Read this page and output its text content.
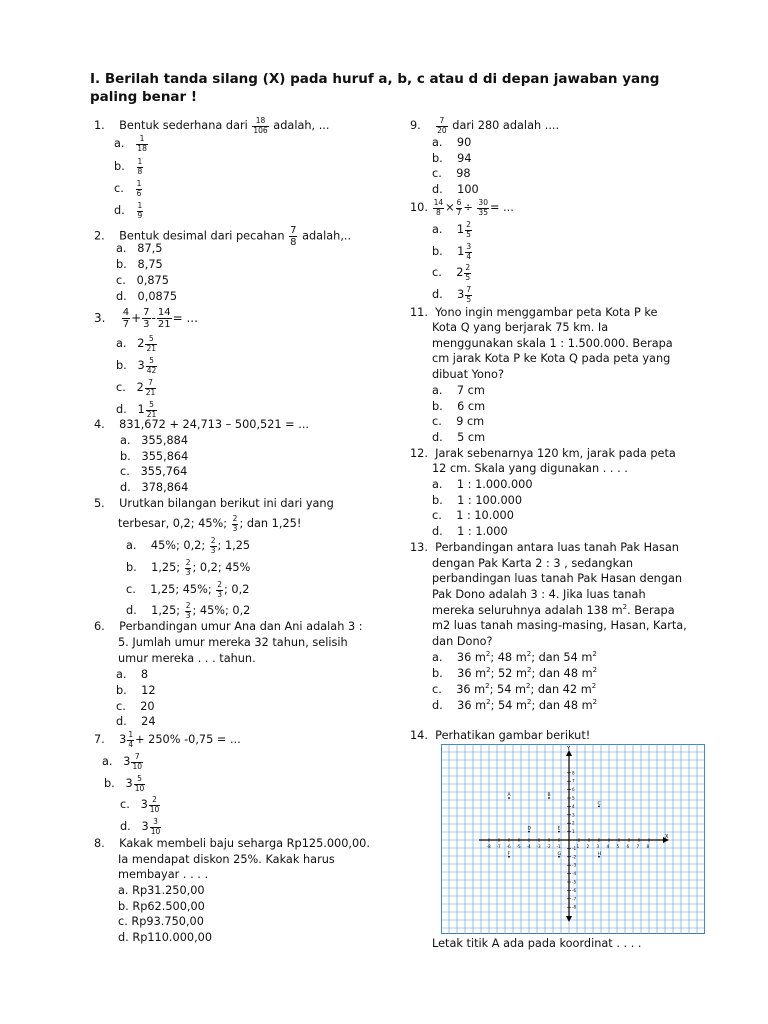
I. Berilah tanda silang (X) pada huruf a, b, c atau d di depan jawaban yang paling benar !
1. Bentuk sederhana dari $\frac{18}{106}$ adalah, ...
a. $\frac{1}{18}$
b. $\frac{1}{8}$
c. $\frac{1}{6}$
d. $\frac{1}{9}$
2. Bentuk desimal dari pecahan $\frac{7}{8}$ adalah,..
a. 87,5
b. 8,75
c. 0,875
d. 0,0875
3. $\frac{4}{7} + \frac{7}{3} - \frac{14}{21}$ = ...
a. $2 \frac{5}{21}$
b. $3 \frac{5}{42}$
c. $2 \frac{7}{21}$
d. $1 \frac{5}{21}$
4. 831,672 + 24,713 – 500,521 = ...
a. 355,884
b. 355,864
c. 355,764
d. 378,864
5. Urutkan bilangan berikut ini dari yang
terbesar, 0,2; 45%; $\frac{2}{3}$ ; dan 1,25!
a. 45%; 0,2; $\frac{2}{3}$ ; 1,25
b. 1,25; $\frac{2}{3}$ ; 0,2; 45%
c. 1,25; 45%; $\frac{2}{3}$ ; 0,2
d. 1,25; $\frac{2}{3}$ ; 45%; 0,2
6. Perbandingan umur Ana dan Ani adalah 3 :
5. Jumlah umur mereka 32 tahun, selisih
umur mereka . . . tahun.
a. 8
b. 12
c. 20
d. 24
7. $3 \frac{1}{4} + 250\%$ -0,75 = ...
a. $3 \frac{7}{10}$
b. $3 \frac{5}{10}$
c. $3 \frac{2}{10}$
d. $3 \frac{3}{10}$
8. Kakak membeli baju seharga Rp125.000,00.
Ia mendapat diskon 25%. Kakak harus
membayar . . . .
a. Rp31.250,00
b. Rp62.500,00
c. Rp93.750,00
d. Rp110.000,00
9. $\frac{7}{20}$ dari 280 adalah ....
a. 90
b. 94
c. 98
d. 100
10. $\frac{14}{8} \times \frac{6}{7} \div \frac{30}{35}$ = ...
a. $1 \frac{2}{5}$
b. $1 \frac{3}{4}$
c. $2 \frac{2}{5}$
d. $3 \frac{7}{5}$
11. Yono ingin menggambar peta Kota P ke
Kota Q yang berjarak 75 km. Ia
menggunakan skala 1 : 1.500.000. Berapa
cm jarak Kota P ke Kota Q pada peta yang
dibuat Yono?
a. 7 cm
b. 6 cm
c. 9 cm
d. 5 cm
12. Jarak sebenarnya 120 km, jarak pada peta
12 cm. Skala yang digunakan . . . .
a. 1 : 1.000.000
b. 1 : 100.000
c. 1 : 10.000
d. 1 : 1.000
13. Perbandingan antara luas tanah Pak Hasan
dengan Pak Karta 2 : 3 , sedangkan
perbandingan luas tanah Pak Hasan dengan
Pak Dono adalah 3 : 4. Jika luas tanah
mereka seluruhnya adalah 138 $m^2$. Berapa
m2 luas tanah masing-masing, Hasan, Karta,
dan Dono?
a. 36 $m^2$; 48 $m^2$; dan 54 $m^2$
b. 36 $m^2$; 52 $m^2$; dan 48 $m^2$
c. 36 $m^2$; 54 $m^2$; dan 42 $m^2$
d. 36 $m^2$; 54 $m^2$; dan 48 $m^2$
14. Perhatikan gambar berikut!
Letak titik A ada pada koordinat . . . .
X
Y
-8 -7 -6 -5 -4 -3 -2 -1	1 2 3 4 5 6 7 8
8
7
6
5
4
3
2
1
-1
-2
-3
-4
-5
-6
-7
-8
A	B
C
D	E
F	G	H
